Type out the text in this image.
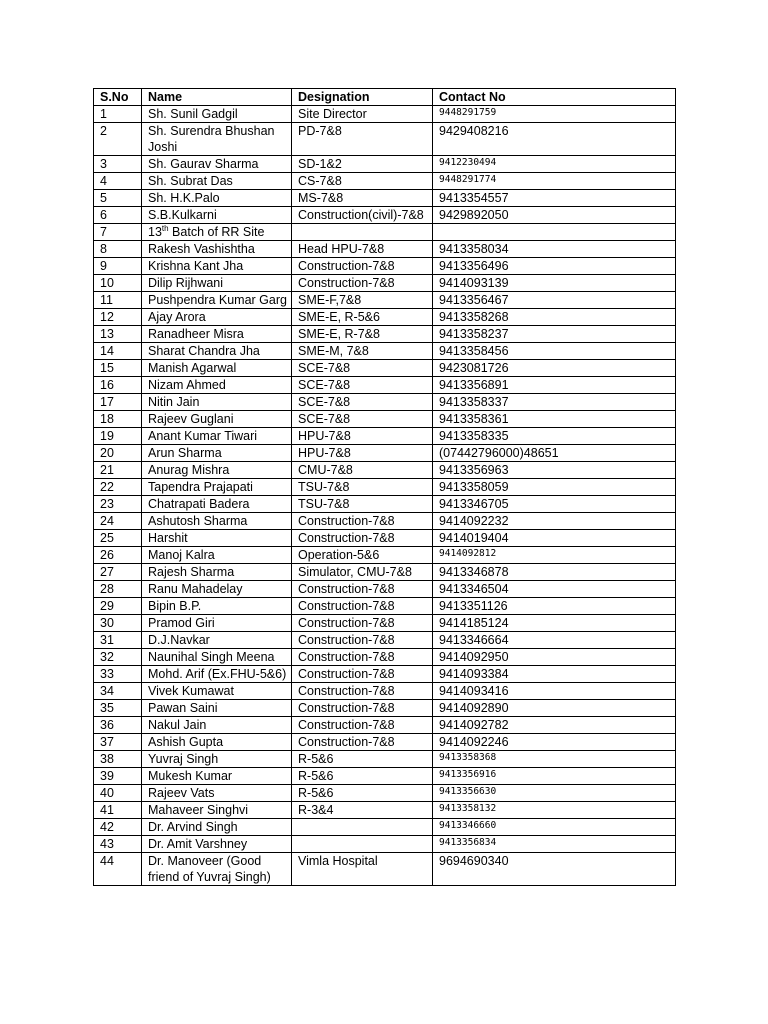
S.No	Name	Designation	Contact No
1	Sh. Sunil Gadgil	Site Director	9448291759
2	Sh. Surendra Bhushan Joshi	PD-7&8	9429408216
3	Sh. Gaurav Sharma	SD-1&2	9412230494
4	Sh. Subrat Das	CS-7&8	9448291774
5	Sh. H.K.Palo	MS-7&8	9413354557
6	S.B.Kulkarni	Construction(civil)-7&8	9429892050
7	13th Batch of RR Site		
8	Rakesh Vashishtha	Head HPU-7&8	9413358034
9	Krishna Kant Jha	Construction-7&8	9413356496
10	Dilip Rijhwani	Construction-7&8	9414093139
11	Pushpendra Kumar Garg	SME-F,7&8	9413356467
12	Ajay Arora	SME-E, R-5&6	9413358268
13	Ranadheer Misra	SME-E, R-7&8	9413358237
14	Sharat Chandra Jha	SME-M, 7&8	9413358456
15	Manish Agarwal	SCE-7&8	9423081726
16	Nizam Ahmed	SCE-7&8	9413356891
17	Nitin Jain	SCE-7&8	9413358337
18	Rajeev Guglani	SCE-7&8	9413358361
19	Anant Kumar Tiwari	HPU-7&8	9413358335
20	Arun Sharma	HPU-7&8	(07442796000)48651
21	Anurag Mishra	CMU-7&8	9413356963
22	Tapendra Prajapati	TSU-7&8	9413358059
23	Chatrapati Badera	TSU-7&8	9413346705
24	Ashutosh Sharma	Construction-7&8	9414092232
25	Harshit	Construction-7&8	9414019404
26	Manoj Kalra	Operation-5&6	9414092812
27	Rajesh Sharma	Simulator, CMU-7&8	9413346878
28	Ranu Mahadelay	Construction-7&8	9413346504
29	Bipin B.P.	Construction-7&8	9413351126
30	Pramod Giri	Construction-7&8	9414185124
31	D.J.Navkar	Construction-7&8	9413346664
32	Naunihal Singh Meena	Construction-7&8	9414092950
33	Mohd. Arif (Ex.FHU-5&6)	Construction-7&8	9414093384
34	Vivek Kumawat	Construction-7&8	9414093416
35	Pawan Saini	Construction-7&8	9414092890
36	Nakul Jain	Construction-7&8	9414092782
37	Ashish Gupta	Construction-7&8	9414092246
38	Yuvraj Singh	R-5&6	9413358368
39	Mukesh Kumar	R-5&6	9413356916
40	Rajeev Vats	R-5&6	9413356630
41	Mahaveer Singhvi	R-3&4	9413358132
42	Dr. Arvind Singh		9413346660
43	Dr. Amit Varshney		9413356834
44	Dr. Manoveer (Good friend of Yuvraj Singh)	Vimla Hospital	9694690340
